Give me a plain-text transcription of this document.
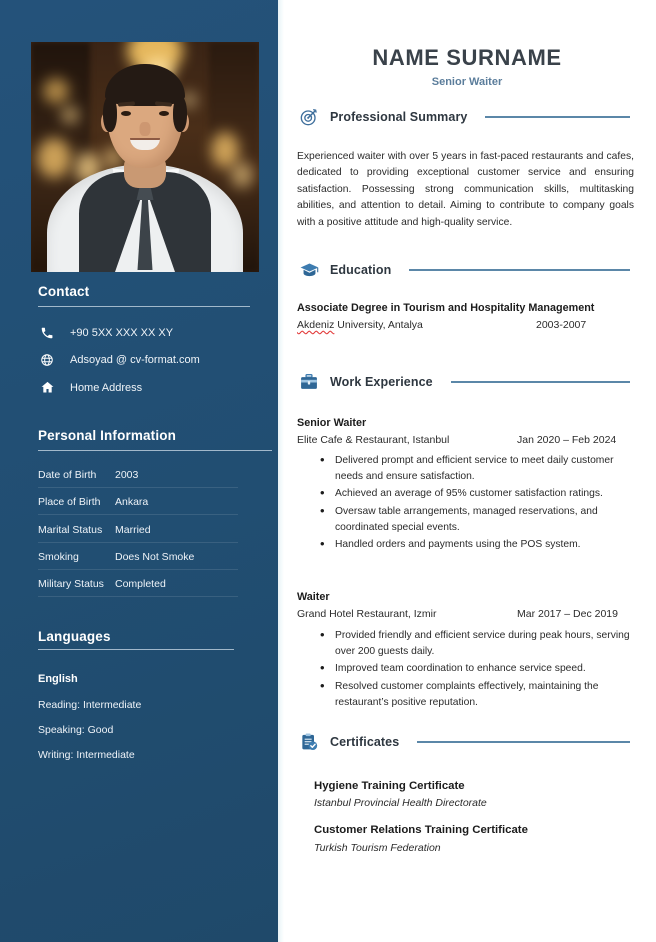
Contact
+90 5XX XXX XX XY
Adsoyad @ cv-format.com
Home Address
Personal Information
Date of Birth	2003
Place of Birth	Ankara
Marital Status	Married
Smoking	Does Not Smoke
Military Status	Completed
Languages
English
Reading: Intermediate
Speaking: Good
Writing: Intermediate
NAME SURNAME
Senior Waiter
Professional Summary
Experienced waiter with over 5 years in fast-paced restaurants and cafes, dedicated to providing exceptional customer service and ensuring satisfaction. Possessing strong communication skills, multitasking abilities, and attention to detail. Aiming to contribute to company goals with a positive attitude and high-quality service.
Education
Associate Degree in Tourism and Hospitality Management
Akdeniz University, Antalya	2003-2007
Work Experience
Senior Waiter
Elite Cafe & Restaurant, Istanbul	Jan 2020 – Feb 2024
• Delivered prompt and efficient service to meet daily customer needs and ensure satisfaction.
• Achieved an average of 95% customer satisfaction ratings.
• Oversaw table arrangements, managed reservations, and coordinated special events.
• Handled orders and payments using the POS system.
Waiter
Grand Hotel Restaurant, Izmir	Mar 2017 – Dec 2019
• Provided friendly and efficient service during peak hours, serving over 200 guests daily.
• Improved team coordination to enhance service speed.
• Resolved customer complaints effectively, maintaining the restaurant’s positive reputation.
Certificates
Hygiene Training Certificate
Istanbul Provincial Health Directorate
Customer Relations Training Certificate
Turkish Tourism Federation
